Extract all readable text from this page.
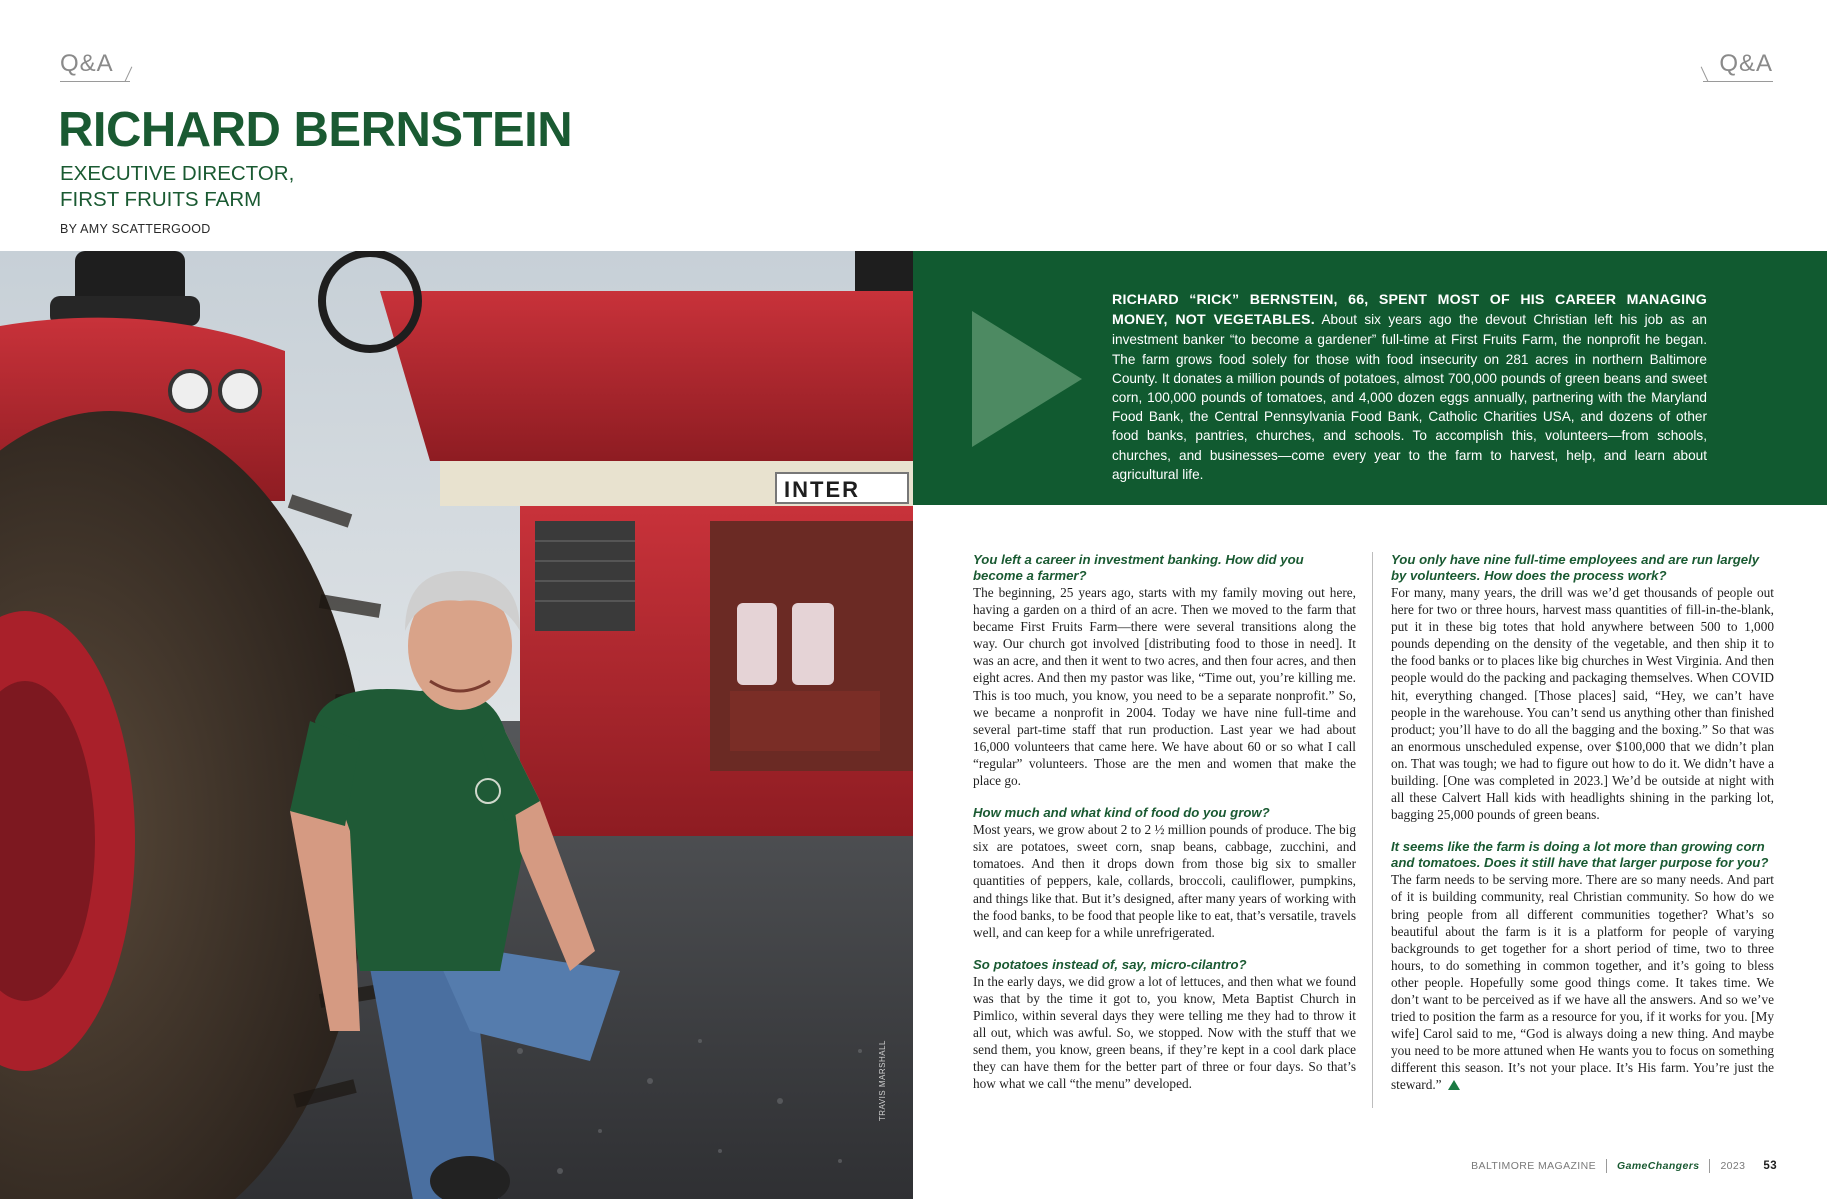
Q&A	Q&A
RICHARD BERNSTEIN
EXECUTIVE DIRECTOR,
FIRST FRUITS FARM
BY AMY SCATTERGOOD
INTER
TRAVIS MARSHALL
RICHARD “RICK” BERNSTEIN, 66, SPENT MOST OF HIS CAREER MANAGING MONEY, NOT VEGETABLES. About six years ago the devout Christian left his job as an investment banker “to become a gardener” full-time at First Fruits Farm, the nonprofit he began. The farm grows food solely for those with food insecurity on 281 acres in northern Baltimore County. It donates a million pounds of potatoes, almost 700,000 pounds of green beans and sweet corn, 100,000 pounds of tomatoes, and 4,000 dozen eggs annually, partnering with the Maryland Food Bank, the Central Pennsylvania Food Bank, Catholic Charities USA, and dozens of other food banks, pantries, churches, and schools. To accomplish this, volunteers—from schools, churches, and businesses—come every year to the farm to harvest, help, and learn about agricultural life.
You left a career in investment banking. How did you become a farmer?
The beginning, 25 years ago, starts with my family moving out here, having a garden on a third of an acre. Then we moved to the farm that became First Fruits Farm—there were several transitions along the way. Our church got involved [distributing food to those in need]. It was an acre, and then it went to two acres, and then four acres, and then eight acres. And then my pastor was like, “Time out, you’re killing me. This is too much, you know, you need to be a separate nonprofit.” So, we became a nonprofit in 2004. Today we have nine full-time and several part-time staff that run production. Last year we had about 16,000 volunteers that came here. We have about 60 or so what I call “regular” volunteers. Those are the men and women that make the place go.
How much and what kind of food do you grow?
Most years, we grow about 2 to 2 ½ million pounds of produce. The big six are potatoes, sweet corn, snap beans, cabbage, zucchini, and tomatoes. And then it drops down from those big six to smaller quantities of peppers, kale, collards, broccoli, cauliflower, pumpkins, and things like that. But it’s designed, after many years of working with the food banks, to be food that people like to eat, that’s versatile, travels well, and can keep for a while unrefrigerated.
So potatoes instead of, say, micro-cilantro?
In the early days, we did grow a lot of lettuces, and then what we found was that by the time it got to, you know, Meta Baptist Church in Pimlico, within several days they were telling me they had to throw it all out, which was awful. So, we stopped. Now with the stuff that we send them, you know, green beans, if they’re kept in a cool dark place they can have them for the better part of three or four days. So that’s how what we call “the menu” developed.
You only have nine full-time employees and are run largely by volunteers. How does the process work?
For many, many years, the drill was we’d get thousands of people out here for two or three hours, harvest mass quantities of fill-in-the-blank, put it in these big totes that hold anywhere between 500 to 1,000 pounds depending on the density of the vegetable, and then ship it to the food banks or to places like big churches in West Virginia. And then people would do the packing and packaging themselves. When COVID hit, everything changed. [Those places] said, “Hey, we can’t have people in the warehouse. You can’t send us anything other than finished product; you’ll have to do all the bagging and the boxing.” So that was an enormous unscheduled expense, over $100,000 that we didn’t plan on. That was tough; we had to figure out how to do it. We didn’t have a building. [One was completed in 2023.] We’d be outside at night with all these Calvert Hall kids with headlights shining in the parking lot, bagging 25,000 pounds of green beans.
It seems like the farm is doing a lot more than growing corn and tomatoes. Does it still have that larger purpose for you?
The farm needs to be serving more. There are so many needs. And part of it is building community, real Christian community. So how do we bring people from all different communities together? What’s so beautiful about the farm is it is a platform for people of varying backgrounds to get together for a short period of time, two to three hours, to do something in common together, and it’s going to bless other people. Hopefully some good things come. It takes time. We don’t want to be perceived as if we have all the answers. And so we’ve tried to position the farm as a resource for you, if it works for you. [My wife] Carol said to me, “God is always doing a new thing. And maybe you need to be more attuned when He wants you to focus on something different this season. It’s not your place. It’s His farm. You’re just the steward.”
BALTIMORE MAGAZINE GameChangers 2023 53
